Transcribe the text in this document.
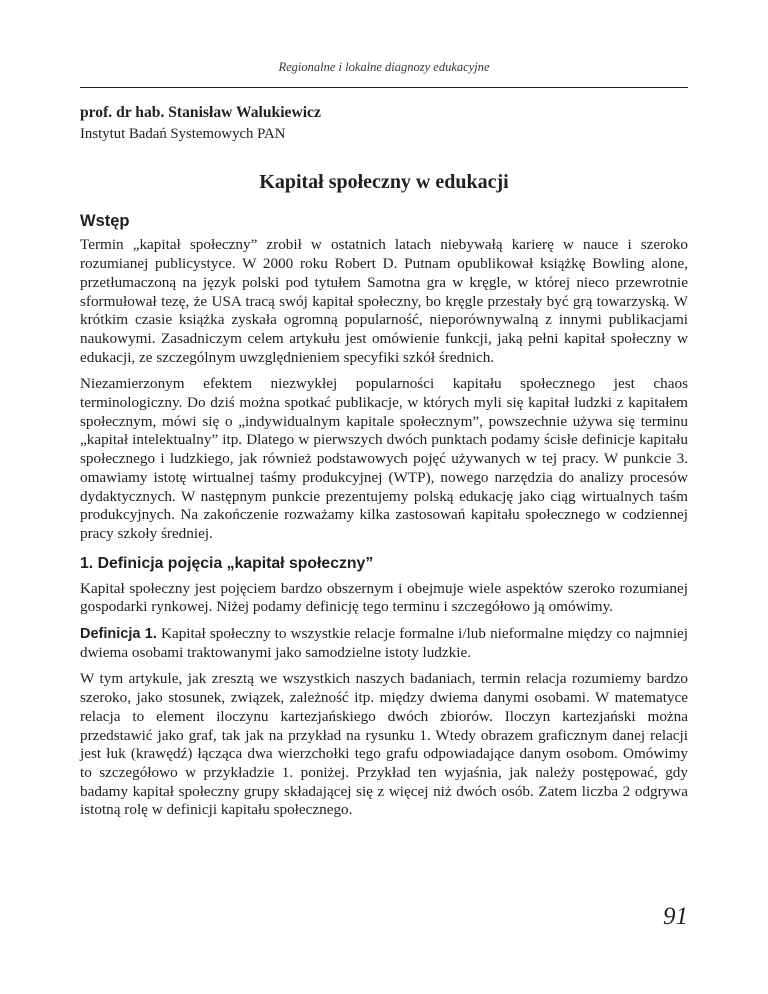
Regionalne i lokalne diagnozy edukacyjne

prof. dr hab. Stanisław Walukiewicz

Instytut Badań Systemowych PAN

Kapitał społeczny w edukacji
Wstęp

Termin „kapitał społeczny” zrobił w ostatnich latach niebywałą karierę w nauce i szeroko rozumianej publicystyce. W 2000 roku Robert D. Putnam opublikował książkę Bowling alone, przetłumaczoną na język polski pod tytułem Samotna gra w kręgle, w której nieco przewrotnie sformułował tezę, że USA tracą swój kapitał społeczny, bo kręgle przestały być grą towarzyską. W krótkim czasie książka zyskała ogromną popularność, nieporównywalną z innymi publikacjami naukowymi. Zasadniczym celem artykułu jest omówienie funkcji, jaką pełni kapitał społeczny w edukacji, ze szczególnym uwzględnieniem specyfiki szkół średnich.

Niezamierzonym efektem niezwykłej popularności kapitału społecznego jest chaos terminologiczny. Do dziś można spotkać publikacje, w których myli się kapitał ludzki z kapitałem społecznym, mówi się o „indywidualnym kapitale społecznym”, powszechnie używa się terminu „kapitał intelektualny” itp. Dlatego w pierwszych dwóch punktach podamy ścisłe definicje kapitału społecznego i ludzkiego, jak również podstawowych pojęć używanych w tej pracy. W punkcie 3. omawiamy istotę wirtualnej taśmy produkcyjnej (WTP), nowego narzędzia do analizy procesów dydaktycznych. W następnym punkcie prezentujemy polską edukację jako ciąg wirtualnych taśm produkcyjnych. Na zakończenie rozważamy kilka zastosowań kapitału społecznego w codziennej pracy szkoły średniej.

1. Definicja pojęcia „kapitał społeczny”

Kapitał społeczny jest pojęciem bardzo obszernym i obejmuje wiele aspektów szeroko rozumianej gospodarki rynkowej. Niżej podamy definicję tego terminu i szczegółowo ją omówimy.

Definicja 1. Kapitał społeczny to wszystkie relacje formalne i/lub nieformalne między co najmniej dwiema osobami traktowanymi jako samodzielne istoty ludzkie.

W tym artykule, jak zresztą we wszystkich naszych badaniach, termin relacja rozumiemy bardzo szeroko, jako stosunek, związek, zależność itp. między dwiema danymi osobami. W matematyce relacja to element iloczynu kartezjańskiego dwóch zbiorów. Iloczyn kartezjański można przedstawić jako graf, tak jak na przykład na rysunku 1. Wtedy obrazem graficznym danej relacji jest łuk (krawędź) łącząca dwa wierzchołki tego grafu odpowiadające danym osobom. Omówimy to szczegółowo w przykładzie 1. poniżej. Przykład ten wyjaśnia, jak należy postępować, gdy badamy kapitał społeczny grupy składającej się z więcej niż dwóch osób. Zatem liczba 2 odgrywa istotną rolę w definicji kapitału społecznego.

91
